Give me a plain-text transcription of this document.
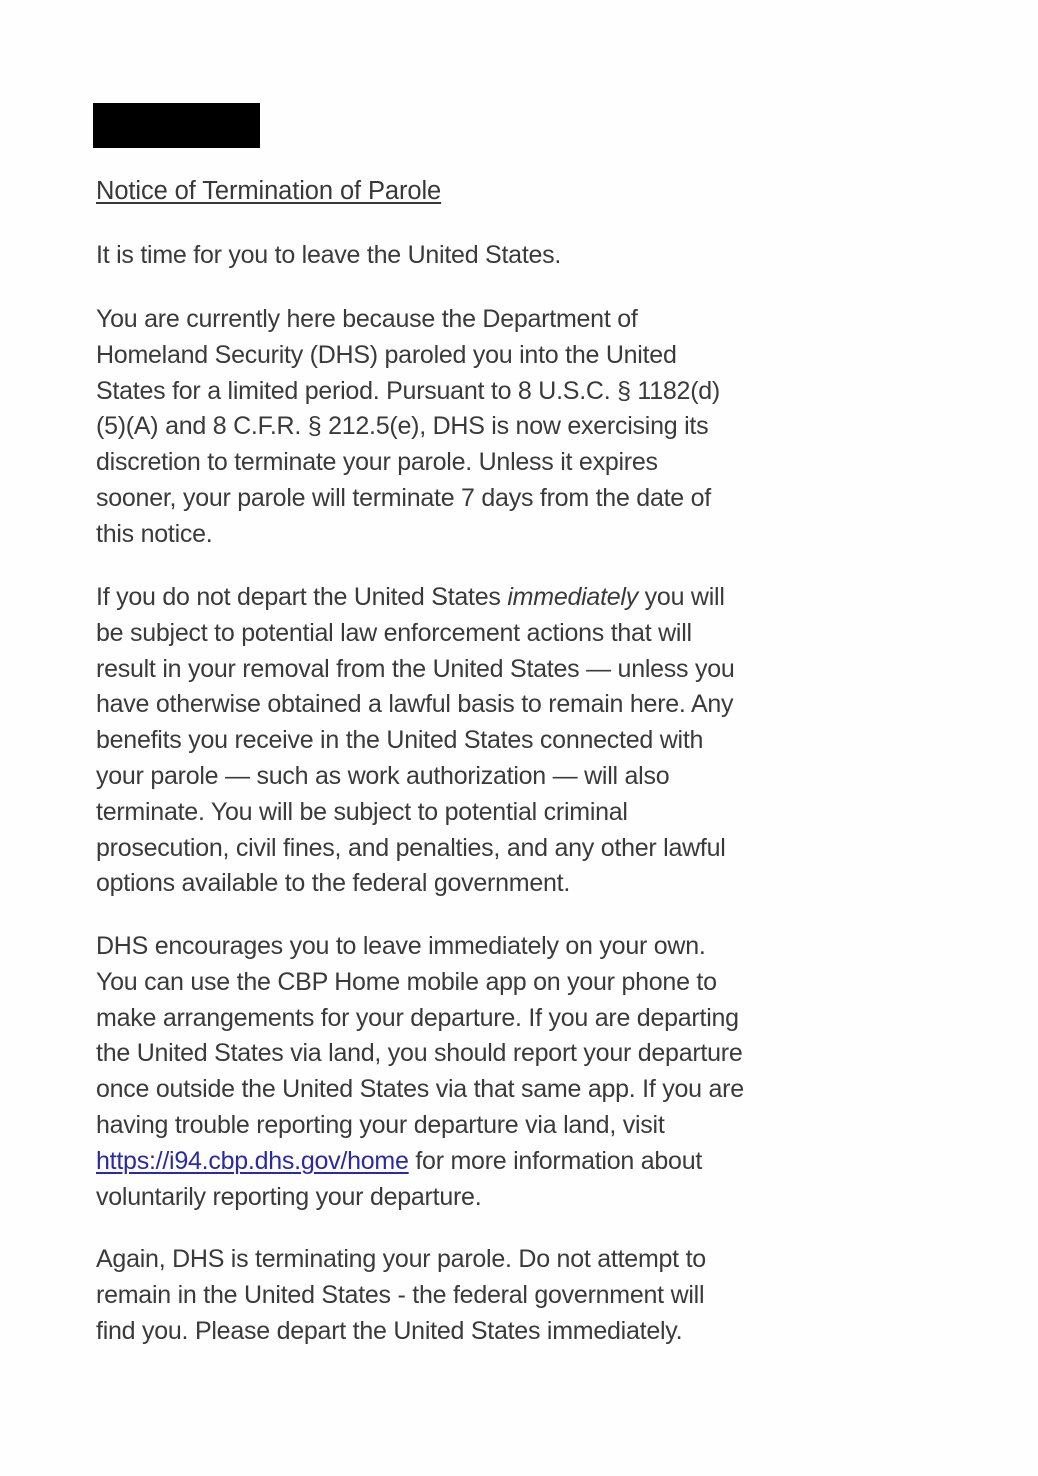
Notice of Termination of Parole
It is time for you to leave the United States.
You are currently here because the Department of
Homeland Security (DHS) paroled you into the United
States for a limited period. Pursuant to 8 U.S.C. § 1182(d)
(5)(A) and 8 C.F.R. § 212.5(e), DHS is now exercising its
discretion to terminate your parole. Unless it expires
sooner, your parole will terminate 7 days from the date of
this notice.
If you do not depart the United States immediately you will
be subject to potential law enforcement actions that will
result in your removal from the United States — unless you
have otherwise obtained a lawful basis to remain here. Any
benefits you receive in the United States connected with
your parole — such as work authorization — will also
terminate. You will be subject to potential criminal
prosecution, civil fines, and penalties, and any other lawful
options available to the federal government.
DHS encourages you to leave immediately on your own.
You can use the CBP Home mobile app on your phone to
make arrangements for your departure. If you are departing
the United States via land, you should report your departure
once outside the United States via that same app. If you are
having trouble reporting your departure via land, visit
https://i94.cbp.dhs.gov/home for more information about
voluntarily reporting your departure.
Again, DHS is terminating your parole. Do not attempt to
remain in the United States - the federal government will
find you. Please depart the United States immediately.
